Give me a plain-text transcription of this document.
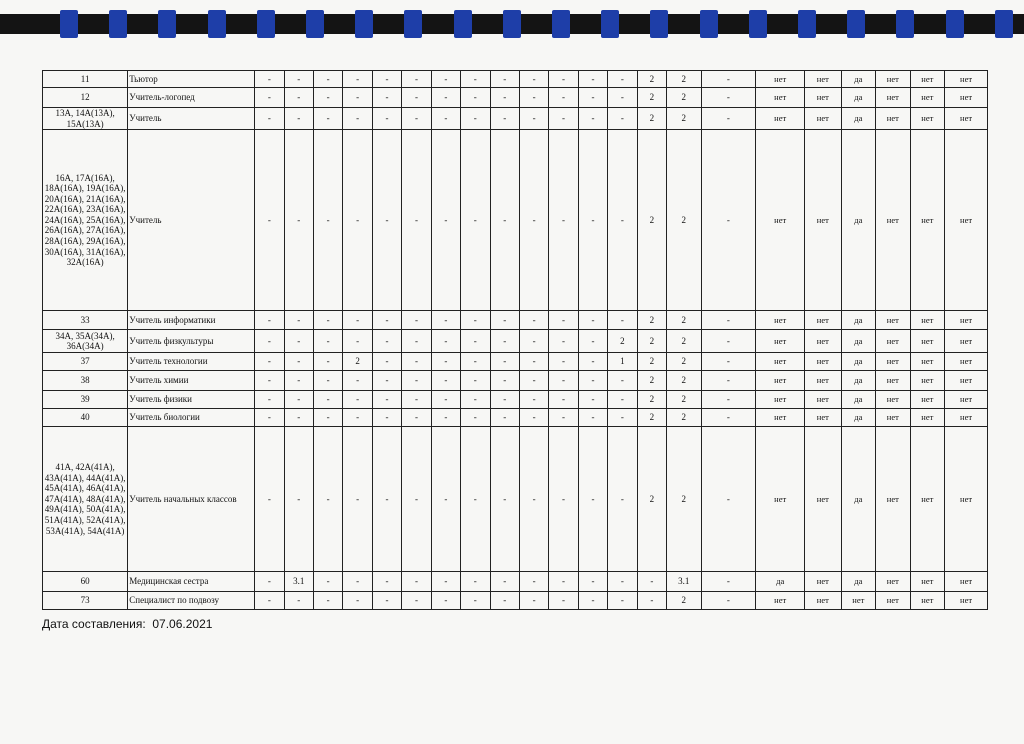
11	Тьютор	-	-	-	-	-	-	-	-	-	-	-	-	-	2	2	-	нет	нет	да	нет	нет	нет
12	Учитель-логопед	-	-	-	-	-	-	-	-	-	-	-	-	-	2	2	-	нет	нет	да	нет	нет	нет
13А, 14А(13А), 15А(13А)	Учитель	-	-	-	-	-	-	-	-	-	-	-	-	-	2	2	-	нет	нет	да	нет	нет	нет
16А, 17А(16А), 18А(16А), 19А(16А), 20А(16А), 21А(16А), 22А(16А), 23А(16А), 24А(16А), 25А(16А), 26А(16А), 27А(16А), 28А(16А), 29А(16А), 30А(16А), 31А(16А), 32А(16А)	Учитель	-	-	-	-	-	-	-	-	-	-	-	-	-	2	2	-	нет	нет	да	нет	нет	нет
33	Учитель информатики	-	-	-	-	-	-	-	-	-	-	-	-	-	2	2	-	нет	нет	да	нет	нет	нет
34А, 35А(34А), 36А(34А)	Учитель физкультуры	-	-	-	-	-	-	-	-	-	-	-	-	2	2	2	-	нет	нет	да	нет	нет	нет
37	Учитель технологии	-	-	-	2	-	-	-	-	-	-	-	-	1	2	2	-	нет	нет	да	нет	нет	нет
38	Учитель химии	-	-	-	-	-	-	-	-	-	-	-	-	-	2	2	-	нет	нет	да	нет	нет	нет
39	Учитель физики	-	-	-	-	-	-	-	-	-	-	-	-	-	2	2	-	нет	нет	да	нет	нет	нет
40	Учитель биологии	-	-	-	-	-	-	-	-	-	-	-	-	-	2	2	-	нет	нет	да	нет	нет	нет
41А, 42А(41А), 43А(41А), 44А(41А), 45А(41А), 46А(41А), 47А(41А), 48А(41А), 49А(41А), 50А(41А), 51А(41А), 52А(41А), 53А(41А), 54А(41А)	Учитель начальных классов	-	-	-	-	-	-	-	-	-	-	-	-	-	2	2	-	нет	нет	да	нет	нет	нет
60	Медицинская сестра	-	3.1	-	-	-	-	-	-	-	-	-	-	-	-	3.1	-	да	нет	да	нет	нет	нет
73	Специалист по подвозу	-	-	-	-	-	-	-	-	-	-	-	-	-	-	2	-	нет	нет	нет	нет	нет	нет
Дата составления: 07.06.2021
